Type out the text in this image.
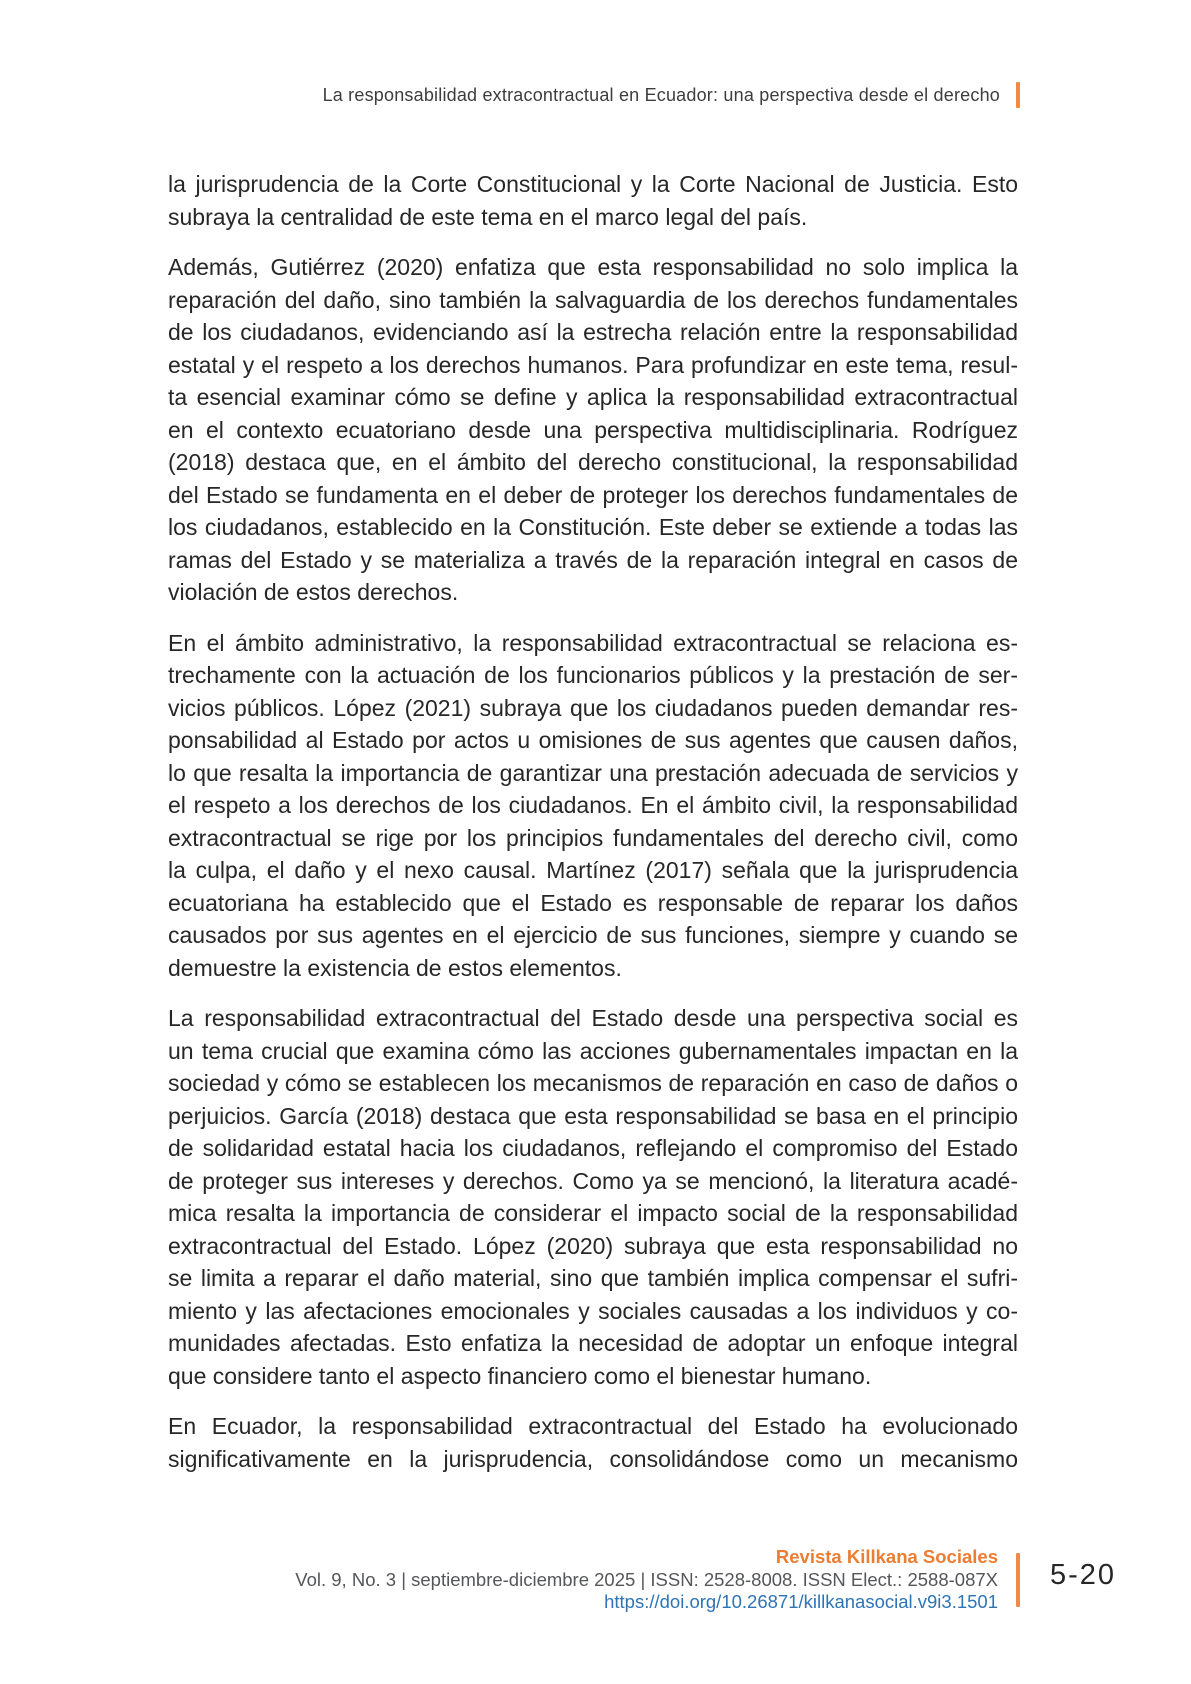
La responsabilidad extracontractual en Ecuador: una perspectiva desde el derecho
la jurisprudencia de la Corte Constitucional y la Corte Nacional de Justicia. Esto
subraya la centralidad de este tema en el marco legal del país.
Además, Gutiérrez (2020) enfatiza que esta responsabilidad no solo implica la
reparación del daño, sino también la salvaguardia de los derechos fundamentales
de los ciudadanos, evidenciando así la estrecha relación entre la responsabilidad
estatal y el respeto a los derechos humanos. Para profundizar en este tema, resul-
ta esencial examinar cómo se define y aplica la responsabilidad extracontractual
en el contexto ecuatoriano desde una perspectiva multidisciplinaria. Rodríguez
(2018) destaca que, en el ámbito del derecho constitucional, la responsabilidad
del Estado se fundamenta en el deber de proteger los derechos fundamentales de
los ciudadanos, establecido en la Constitución. Este deber se extiende a todas las
ramas del Estado y se materializa a través de la reparación integral en casos de
violación de estos derechos.
En el ámbito administrativo, la responsabilidad extracontractual se relaciona es-
trechamente con la actuación de los funcionarios públicos y la prestación de ser-
vicios públicos. López (2021) subraya que los ciudadanos pueden demandar res-
ponsabilidad al Estado por actos u omisiones de sus agentes que causen daños,
lo que resalta la importancia de garantizar una prestación adecuada de servicios y
el respeto a los derechos de los ciudadanos. En el ámbito civil, la responsabilidad
extracontractual se rige por los principios fundamentales del derecho civil, como
la culpa, el daño y el nexo causal. Martínez (2017) señala que la jurisprudencia
ecuatoriana ha establecido que el Estado es responsable de reparar los daños
causados por sus agentes en el ejercicio de sus funciones, siempre y cuando se
demuestre la existencia de estos elementos.
La responsabilidad extracontractual del Estado desde una perspectiva social es
un tema crucial que examina cómo las acciones gubernamentales impactan en la
sociedad y cómo se establecen los mecanismos de reparación en caso de daños o
perjuicios. García (2018) destaca que esta responsabilidad se basa en el principio
de solidaridad estatal hacia los ciudadanos, reflejando el compromiso del Estado
de proteger sus intereses y derechos. Como ya se mencionó, la literatura acadé-
mica resalta la importancia de considerar el impacto social de la responsabilidad
extracontractual del Estado. López (2020) subraya que esta responsabilidad no
se limita a reparar el daño material, sino que también implica compensar el sufri-
miento y las afectaciones emocionales y sociales causadas a los individuos y co-
munidades afectadas. Esto enfatiza la necesidad de adoptar un enfoque integral
que considere tanto el aspecto financiero como el bienestar humano.
En Ecuador, la responsabilidad extracontractual del Estado ha evolucionado
significativamente en la jurisprudencia, consolidándose como un mecanismo
Revista Killkana Sociales
Vol. 9, No. 3 | septiembre-diciembre 2025 | ISSN: 2528-8008. ISSN Elect.: 2588-087X
https://doi.org/10.26871/killkanasocial.v9i3.1501
5-20
